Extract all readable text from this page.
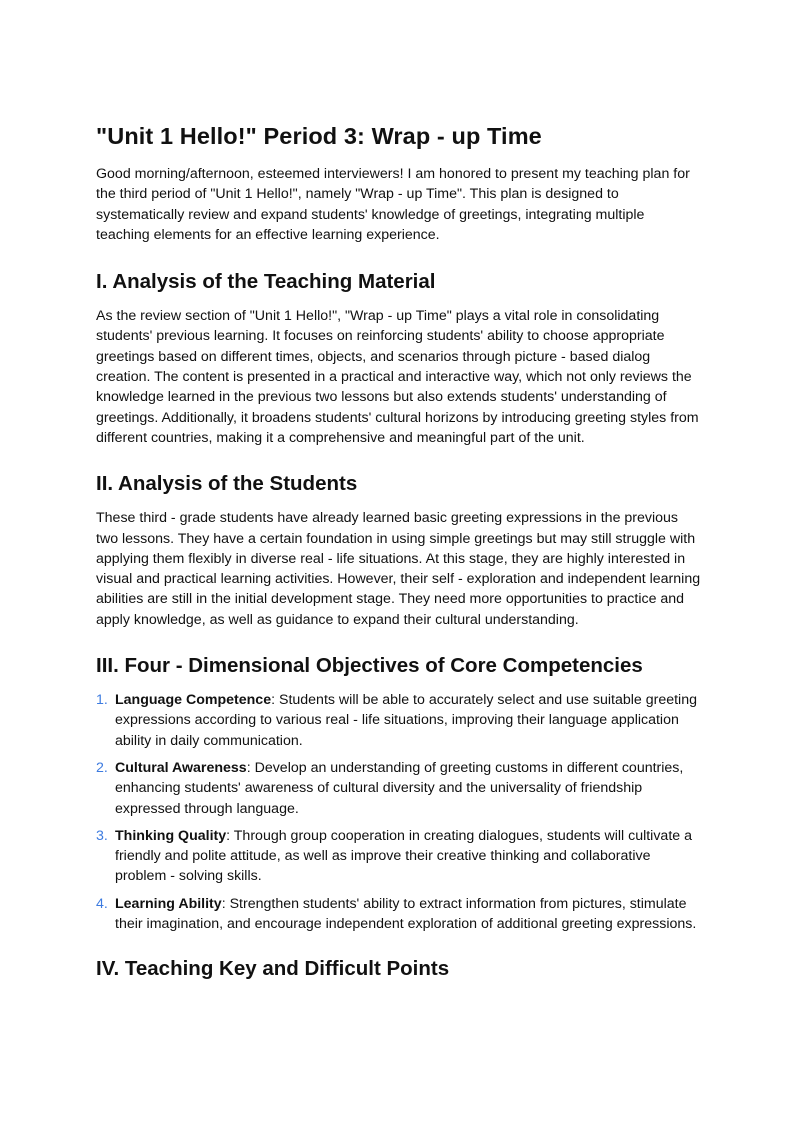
"Unit 1 Hello!" Period 3: Wrap - up Time

Good morning/afternoon, esteemed interviewers! I am honored to present my teaching plan for the third period of "Unit 1 Hello!", namely "Wrap - up Time". This plan is designed to systematically review and expand students' knowledge of greetings, integrating multiple teaching elements for an effective learning experience.

I. Analysis of the Teaching Material

As the review section of "Unit 1 Hello!", "Wrap - up Time" plays a vital role in consolidating students' previous learning. It focuses on reinforcing students' ability to choose appropriate greetings based on different times, objects, and scenarios through picture - based dialog creation. The content is presented in a practical and interactive way, which not only reviews the knowledge learned in the previous two lessons but also extends students' understanding of greetings. Additionally, it broadens students' cultural horizons by introducing greeting styles from different countries, making it a comprehensive and meaningful part of the unit.

II. Analysis of the Students

These third - grade students have already learned basic greeting expressions in the previous two lessons. They have a certain foundation in using simple greetings but may still struggle with applying them flexibly in diverse real - life situations. At this stage, they are highly interested in visual and practical learning activities. However, their self - exploration and independent learning abilities are still in the initial development stage. They need more opportunities to practice and apply knowledge, as well as guidance to expand their cultural understanding.

III. Four - Dimensional Objectives of Core Competencies
1. Language Competence: Students will be able to accurately select and use suitable greeting expressions according to various real - life situations, improving their language application ability in daily communication.
2. Cultural Awareness: Develop an understanding of greeting customs in different countries, enhancing students' awareness of cultural diversity and the universality of friendship expressed through language.
3. Thinking Quality: Through group cooperation in creating dialogues, students will cultivate a friendly and polite attitude, as well as improve their creative thinking and collaborative problem - solving skills.
4. Learning Ability: Strengthen students' ability to extract information from pictures, stimulate their imagination, and encourage independent exploration of additional greeting expressions.
IV. Teaching Key and Difficult Points
